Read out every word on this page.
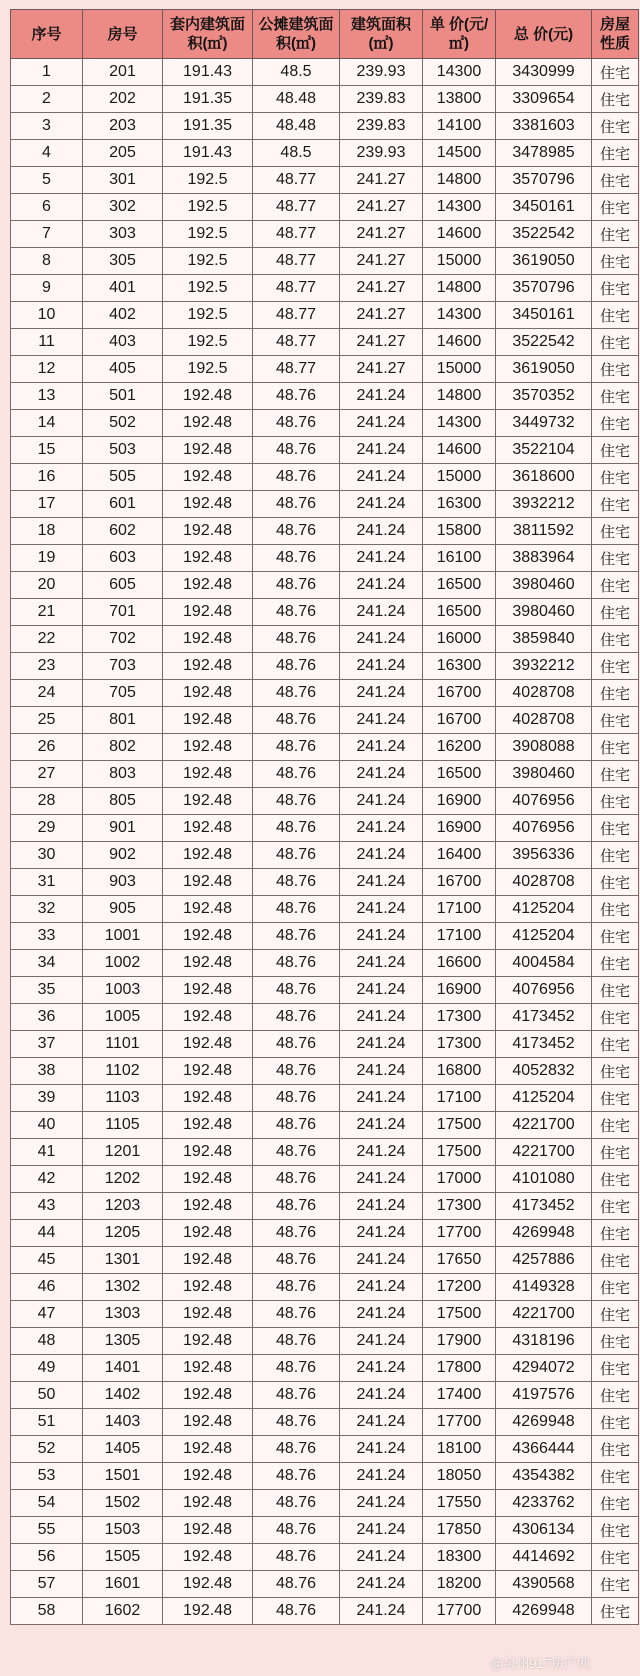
序号	房号	套内建筑面积(㎡)	公摊建筑面积(㎡)	建筑面积(㎡)	单 价(元/㎡)	总 价(元)	房屋性质
1	201	191.43	48.5	239.93	14300	3430999	住宅
2	202	191.35	48.48	239.83	13800	3309654	住宅
3	203	191.35	48.48	239.83	14100	3381603	住宅
4	205	191.43	48.5	239.93	14500	3478985	住宅
5	301	192.5	48.77	241.27	14800	3570796	住宅
6	302	192.5	48.77	241.27	14300	3450161	住宅
7	303	192.5	48.77	241.27	14600	3522542	住宅
8	305	192.5	48.77	241.27	15000	3619050	住宅
9	401	192.5	48.77	241.27	14800	3570796	住宅
10	402	192.5	48.77	241.27	14300	3450161	住宅
11	403	192.5	48.77	241.27	14600	3522542	住宅
12	405	192.5	48.77	241.27	15000	3619050	住宅
13	501	192.48	48.76	241.24	14800	3570352	住宅
14	502	192.48	48.76	241.24	14300	3449732	住宅
15	503	192.48	48.76	241.24	14600	3522104	住宅
16	505	192.48	48.76	241.24	15000	3618600	住宅
17	601	192.48	48.76	241.24	16300	3932212	住宅
18	602	192.48	48.76	241.24	15800	3811592	住宅
19	603	192.48	48.76	241.24	16100	3883964	住宅
20	605	192.48	48.76	241.24	16500	3980460	住宅
21	701	192.48	48.76	241.24	16500	3980460	住宅
22	702	192.48	48.76	241.24	16000	3859840	住宅
23	703	192.48	48.76	241.24	16300	3932212	住宅
24	705	192.48	48.76	241.24	16700	4028708	住宅
25	801	192.48	48.76	241.24	16700	4028708	住宅
26	802	192.48	48.76	241.24	16200	3908088	住宅
27	803	192.48	48.76	241.24	16500	3980460	住宅
28	805	192.48	48.76	241.24	16900	4076956	住宅
29	901	192.48	48.76	241.24	16900	4076956	住宅
30	902	192.48	48.76	241.24	16400	3956336	住宅
31	903	192.48	48.76	241.24	16700	4028708	住宅
32	905	192.48	48.76	241.24	17100	4125204	住宅
33	1001	192.48	48.76	241.24	17100	4125204	住宅
34	1002	192.48	48.76	241.24	16600	4004584	住宅
35	1003	192.48	48.76	241.24	16900	4076956	住宅
36	1005	192.48	48.76	241.24	17300	4173452	住宅
37	1101	192.48	48.76	241.24	17300	4173452	住宅
38	1102	192.48	48.76	241.24	16800	4052832	住宅
39	1103	192.48	48.76	241.24	17100	4125204	住宅
40	1105	192.48	48.76	241.24	17500	4221700	住宅
41	1201	192.48	48.76	241.24	17500	4221700	住宅
42	1202	192.48	48.76	241.24	17000	4101080	住宅
43	1203	192.48	48.76	241.24	17300	4173452	住宅
44	1205	192.48	48.76	241.24	17700	4269948	住宅
45	1301	192.48	48.76	241.24	17650	4257886	住宅
46	1302	192.48	48.76	241.24	17200	4149328	住宅
47	1303	192.48	48.76	241.24	17500	4221700	住宅
48	1305	192.48	48.76	241.24	17900	4318196	住宅
49	1401	192.48	48.76	241.24	17800	4294072	住宅
50	1402	192.48	48.76	241.24	17400	4197576	住宅
51	1403	192.48	48.76	241.24	17700	4269948	住宅
52	1405	192.48	48.76	241.24	18100	4366444	住宅
53	1501	192.48	48.76	241.24	18050	4354382	住宅
54	1502	192.48	48.76	241.24	17550	4233762	住宅
55	1503	192.48	48.76	241.24	17850	4306134	住宅
56	1505	192.48	48.76	241.24	18300	4414692	住宅
57	1601	192.48	48.76	241.24	18200	4390568	住宅
58	1602	192.48	48.76	241.24	17700	4269948	住宅
@泉州917房产网
